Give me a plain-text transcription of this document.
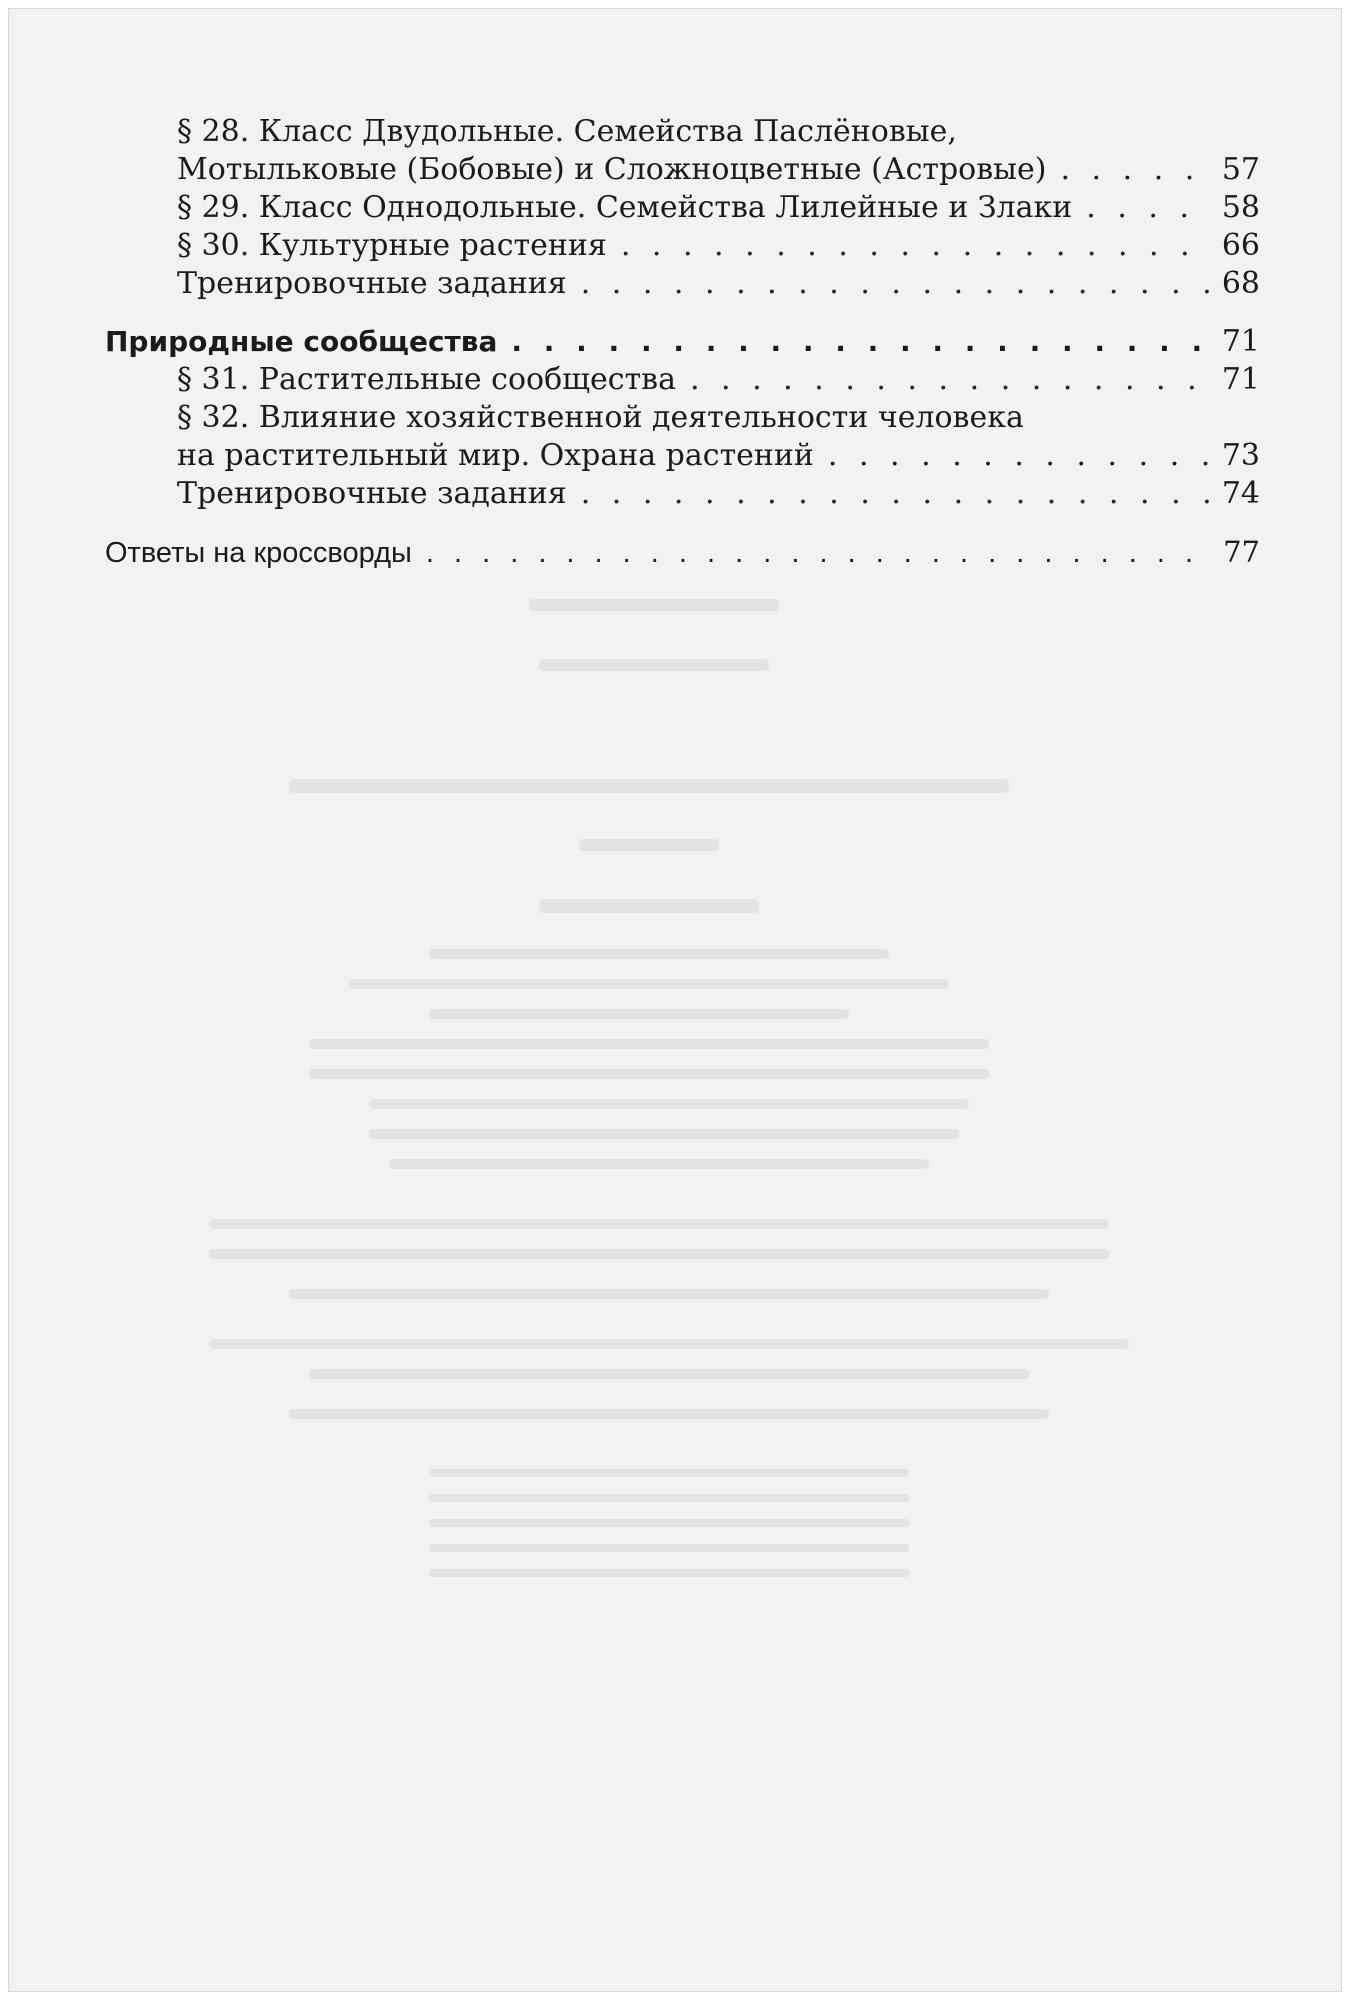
§ 28. Класс Двудольные. Семейства Паслёновые,
Мотыльковые (Бобовые) и Сложноцветные (Астровые) . . .	57
§ 29. Класс Однодольные. Семейства Лилейные и Злаки . . .	58
§ 30. Культурные растения . . .	66
Тренировочные задания . . .	68
Природные сообщества . . .	71
§ 31. Растительные сообщества . . .	71
§ 32. Влияние хозяйственной деятельности человека
на растительный мир. Охрана растений . . .	73
Тренировочные задания . . .	74
Ответы на кроссворды . . .	77
